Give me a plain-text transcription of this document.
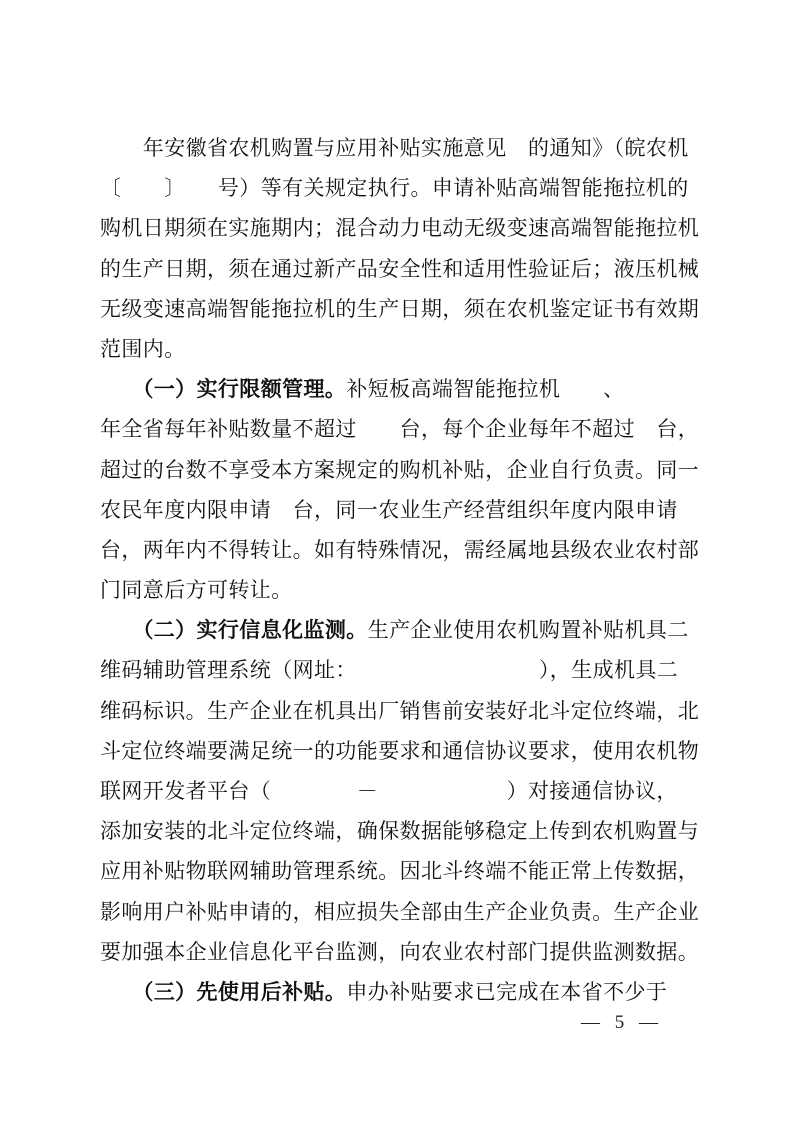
　　年安徽省农机购置与应用补贴实施意见　的通知》（皖农机
〔　　〕　　号）等有关规定执行。申请补贴高端智能拖拉机的
购机日期须在实施期内；混合动力电动无级变速高端智能拖拉机
的生产日期，须在通过新产品安全性和适用性验证后；液压机械
无级变速高端智能拖拉机的生产日期，须在农机鉴定证书有效期
范围内。
　　（一）实行限额管理。补短板高端智能拖拉机　　、
年全省每年补贴数量不超过　　台，每个企业每年不超过　台，
超过的台数不享受本方案规定的购机补贴，企业自行负责。同一
农民年度内限申请　台，同一农业生产经营组织年度内限申请
台，两年内不得转让。如有特殊情况，需经属地县级农业农村部
门同意后方可转让。
　　（二）实行信息化监测。生产企业使用农机购置补贴机具二
维码辅助管理系统（网址：　　　　　　　　　），生成机具二
维码标识。生产企业在机具出厂销售前安装好北斗定位终端，北
斗定位终端要满足统一的功能要求和通信协议要求，使用农机物
联网开发者平台（　　　　－　　　　　　）对接通信协议，
添加安装的北斗定位终端，确保数据能够稳定上传到农机购置与
应用补贴物联网辅助管理系统。因北斗终端不能正常上传数据，
影响用户补贴申请的，相应损失全部由生产企业负责。生产企业
要加强本企业信息化平台监测，向农业农村部门提供监测数据。
　　（三）先使用后补贴。申办补贴要求已完成在本省不少于
— 5 —
